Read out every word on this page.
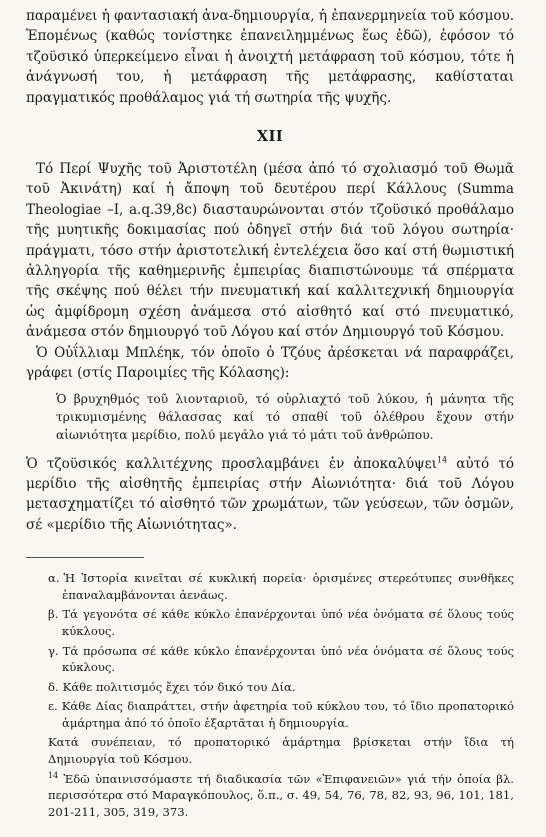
παραμένει ἡ φαντασιακή ἀνα-δημιουργία, ἡ ἐπανερμηνεία τοῦ κόσμου. Ἐπομένως (καθώς τονίστηκε ἐπανειλημμένως ἕως ἐδῶ), ἐφόσον τό τζοϋσικό ὑπερκείμενο εἶναι ἡ ἀνοιχτή μετάφραση τοῦ κόσμου, τότε ἡ ἀνάγνωσή του, ἡ μετάφραση τῆς μετάφρασης, καθίσταται πραγματικός προθάλαμος γιά τή σωτηρία τῆς ψυχῆς.

XII

Τό Περί Ψυχῆς τοῦ Ἀριστοτέλη (μέσα ἀπό τό σχολιασμό τοῦ Θωμᾶ τοῦ Ἀκινάτη) καί ἡ ἄποψη τοῦ δευτέρου περί Κάλλους (Summa Theologiae –I, a.q.39,8c) διασταυρώνονται στόν τζοϋσικό προθάλαμο τῆς μυητικῆς δοκιμασίας πού ὁδηγεῖ στήν διά τοῦ λόγου σωτηρία· πράγματι, τόσο στήν ἀριστοτελική ἐντελέχεια ὅσο καί στή θωμιστική ἀλληγορία τῆς καθημερινῆς ἐμπειρίας διαπιστώνουμε τά σπέρματα τῆς σκέψης πού θέλει τήν πνευματική καί καλλιτεχνική δημιουργία ὡς ἀμφίδρομη σχέση ἀνάμεσα στό αἰσθητό καί στό πνευματικό, ἀνάμεσα στόν δημιουργό τοῦ Λόγου καί στόν Δημιουργό τοῦ Κόσμου.

Ὁ Οὐΐλλιαμ Μπλέηκ, τόν ὁποῖο ὁ Τζόυς ἀρέσκεται νά παραφράζει, γράφει (στίς Παροιμίες τῆς Κόλασης):

Ὁ βρυχηθμός τοῦ λιονταριοῦ, τό οὐρλιαχτό τοῦ λύκου, ἡ μάνητα τῆς τρικυμισμένης θάλασσας καί τό σπαθί τοῦ ὀλέθρου ἔχουν στήν αἰωνιότητα μερίδιο, πολύ μεγάλο γιά τό μάτι τοῦ ἀνθρώπου.

Ὁ τζοϋσικός καλλιτέχνης προσλαμβάνει ἐν ἀποκαλύψει$^{14}$ αὐτό τό μερίδιο τῆς αἰσθητῆς ἐμπειρίας στήν Αἰωνιότητα· διά τοῦ Λόγου μετασχηματίζει τό αἰσθητό τῶν χρωμάτων, τῶν γεύσεων, τῶν ὀσμῶν, σέ «μερίδιο τῆς Αἰωνιότητας».

α. Ἡ Ἱστορία κινεῖται σέ κυκλική πορεία· ὁρισμένες στερεότυπες συνθῆκες ἐπαναλαμβάνονται ἀενάως.
β. Τά γεγονότα σέ κάθε κύκλο ἐπανέρχονται ὑπό νέα ὀνόματα σέ ὅλους τούς κύκλους.
γ. Τά πρόσωπα σέ κάθε κύκλο ἐπανέρχονται ὑπό νέα ὀνόματα σέ ὅλους τούς κύκλους.
δ. Κάθε πολιτισμός ἔχει τόν δικό του Δία.
ε. Κάθε Δίας διαπράττει, στήν ἀφετηρία τοῦ κύκλου του, τό ἴδιο προπατορικό ἁμάρτημα ἀπό τό ὁποῖο ἐξαρτᾶται ἡ δημιουργία.
Κατά συνέπειαν, τό προπατορικό ἁμάρτημα βρίσκεται στήν ἴδια τή Δημιουργία τοῦ Κόσμου.
$^{14}$ Ἐδῶ ὑπαινισσόμαστε τή διαδικασία τῶν «Ἐπιφανειῶν» γιά τήν ὁποία βλ. περισσότερα στό Μαραγκόπουλος, ὅ.π., σ. 49, 54, 76, 78, 82, 93, 96, 101, 181, 201-211, 305, 319, 373.
